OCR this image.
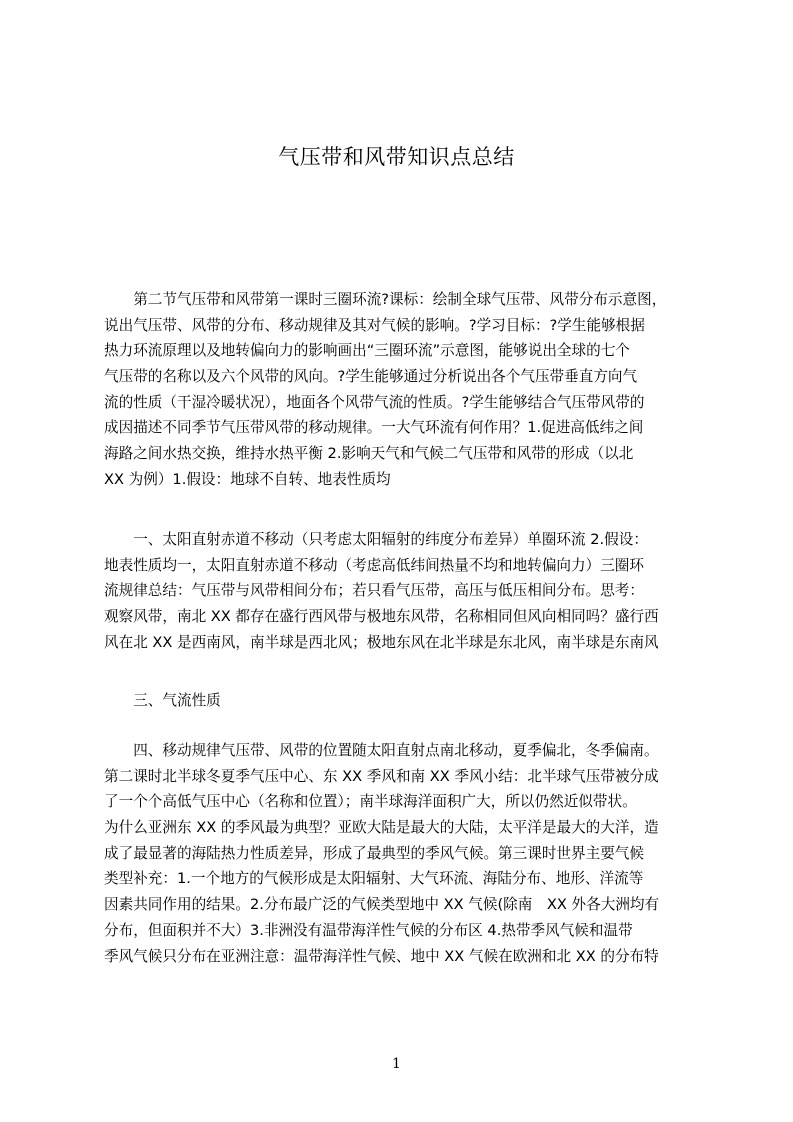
气压带和风带知识点总结
　　第二节气压带和风带第一课时三圈环流?课标：绘制全球气压带、风带分布示意图，
说出气压带、风带的分布、移动规律及其对气候的影响。?学习目标：?学生能够根据
热力环流原理以及地转偏向力的影响画出“三圈环流”示意图，能够说出全球的七个
气压带的名称以及六个风带的风向。?学生能够通过分析说出各个气压带垂直方向气
流的性质（干湿冷暖状况），地面各个风带气流的性质。?学生能够结合气压带风带的
成因描述不同季节气压带风带的移动规律。一大气环流有何作用？1.促进高低纬之间
海路之间水热交换，维持水热平衡 2.影响天气和气候二气压带和风带的形成（以北
XX 为例）1.假设：地球不自转、地表性质均
　　一、太阳直射赤道不移动（只考虑太阳辐射的纬度分布差异）单圈环流 2.假设：
地表性质均一，太阳直射赤道不移动（考虑高低纬间热量不均和地转偏向力）三圈环
流规律总结：气压带与风带相间分布；若只看气压带，高压与低压相间分布。思考：
观察风带，南北 XX 都存在盛行西风带与极地东风带，名称相同但风向相同吗？盛行西
风在北 XX 是西南风，南半球是西北风；极地东风在北半球是东北风，南半球是东南风
　　三、气流性质
　　四、移动规律气压带、风带的位置随太阳直射点南北移动，夏季偏北，冬季偏南。
第二课时北半球冬夏季气压中心、东 XX 季风和南 XX 季风小结：北半球气压带被分成
了一个个高低气压中心（名称和位置）；南半球海洋面积广大，所以仍然近似带状。
为什么亚洲东 XX 的季风最为典型？亚欧大陆是最大的大陆，太平洋是最大的大洋，造
成了最显著的海陆热力性质差异，形成了最典型的季风气候。第三课时世界主要气候
类型补充：1.一个地方的气候形成是太阳辐射、大气环流、海陆分布、地形、洋流等
因素共同作用的结果。2.分布最广泛的气候类型地中 XX 气候(除南　XX 外各大洲均有
分布，但面积并不大）3.非洲没有温带海洋性气候的分布区 4.热带季风气候和温带
季风气候只分布在亚洲注意：温带海洋性气候、地中 XX 气候在欧洲和北 XX 的分布特
1
